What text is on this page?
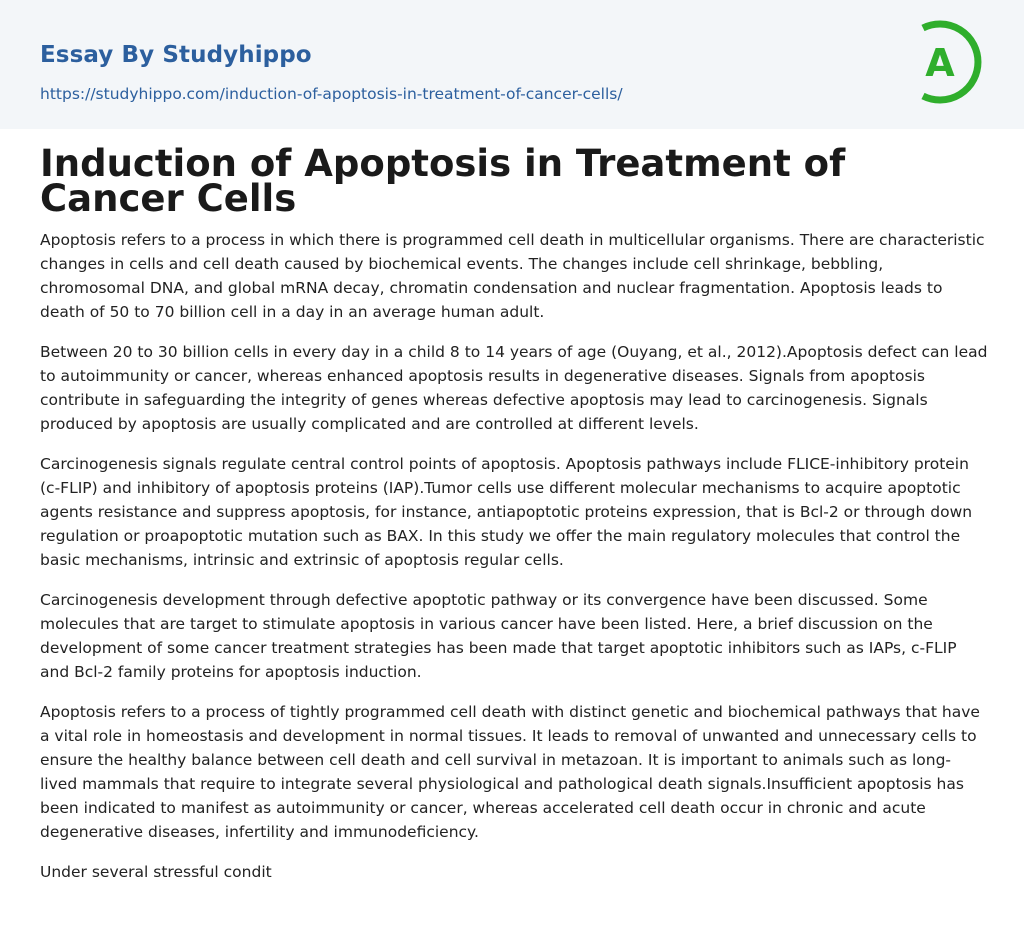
Essay By Studyhippo
https://studyhippo.com/induction-of-apoptosis-in-treatment-of-cancer-cells/
A
Induction of Apoptosis in Treatment of Cancer Cells

Apoptosis refers to a process in which there is programmed cell death in multicellular organisms. There are characteristic changes in cells and cell death caused by biochemical events. The changes include cell shrinkage, bebbling, chromosomal DNA, and global mRNA decay, chromatin condensation and nuclear fragmentation. Apoptosis leads to death of 50 to 70 billion cell in a day in an average human adult.

Between 20 to 30 billion cells in every day in a child 8 to 14 years of age (Ouyang, et al., 2012).Apoptosis defect can lead to autoimmunity or cancer, whereas enhanced apoptosis results in degenerative diseases. Signals from apoptosis contribute in safeguarding the integrity of genes whereas defective apoptosis may lead to carcinogenesis. Signals produced by apoptosis are usually complicated and are controlled at different levels.

Carcinogenesis signals regulate central control points of apoptosis. Apoptosis pathways include FLICE-inhibitory protein (c-FLIP) and inhibitory of apoptosis proteins (IAP).Tumor cells use different molecular mechanisms to acquire apoptotic agents resistance and suppress apoptosis, for instance, antiapoptotic proteins expression, that is Bcl-2 or through down regulation or proapoptotic mutation such as BAX. In this study we offer the main regulatory molecules that control the basic mechanisms, intrinsic and extrinsic of apoptosis regular cells.

Carcinogenesis development through defective apoptotic pathway or its convergence have been discussed. Some molecules that are target to stimulate apoptosis in various cancer have been listed. Here, a brief discussion on the development of some cancer treatment strategies has been made that target apoptotic inhibitors such as IAPs, c-FLIP and Bcl-2 family proteins for apoptosis induction.

Apoptosis refers to a process of tightly programmed cell death with distinct genetic and biochemical pathways that have a vital role in homeostasis and development in normal tissues. It leads to removal of unwanted and unnecessary cells to ensure the healthy balance between cell death and cell survival in metazoan. It is important to animals such as long-lived mammals that require to integrate several physiological and pathological death signals.Insufficient apoptosis has been indicated to manifest as autoimmunity or cancer, whereas accelerated cell death occur in chronic and acute degenerative diseases, infertility and immunodeficiency.

Under several stressful condit
